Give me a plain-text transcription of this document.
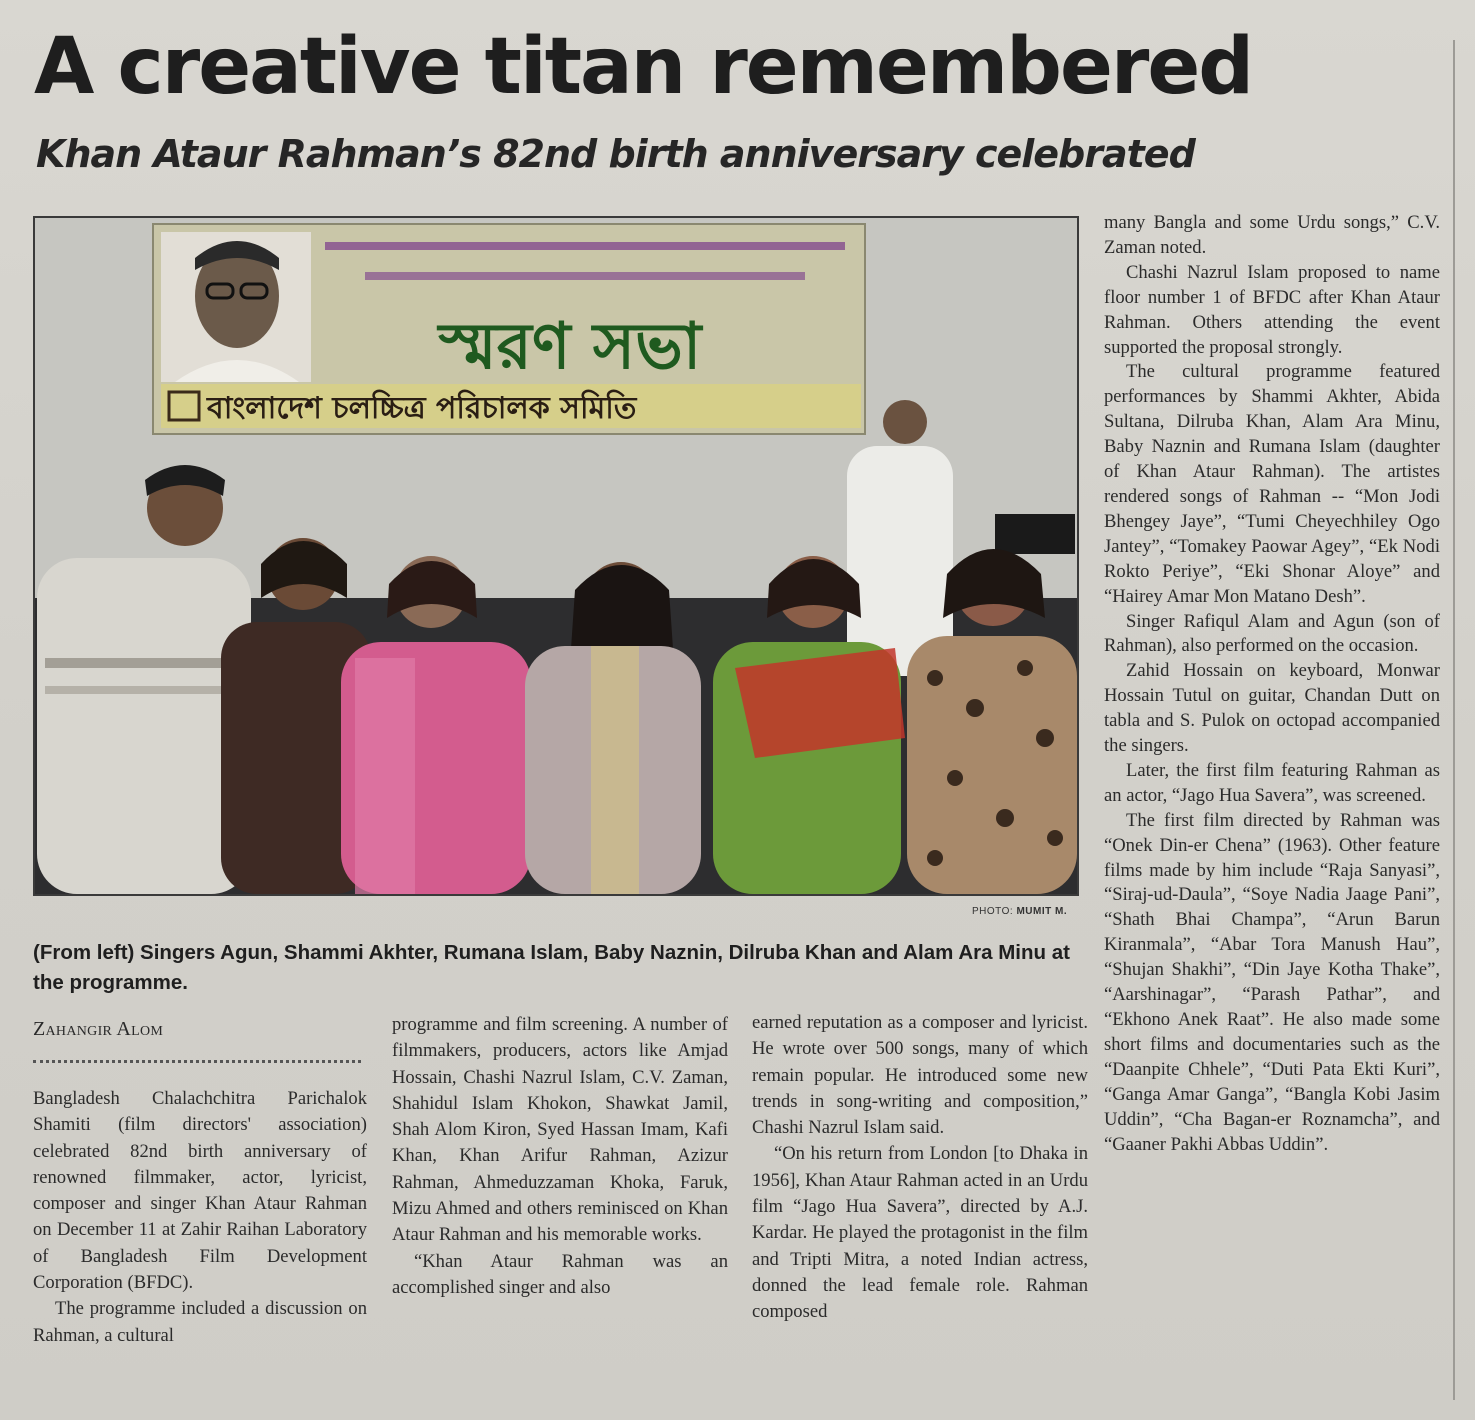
A creative titan remembered
Khan Ataur Rahman’s 82nd birth anniversary celebrated
স্মরণ সভা
বাংলাদেশ চলচ্চিত্র পরিচালক সমিতি

PHOTO: MUMIT M.

(From left) Singers Agun, Shammi Akhter, Rumana Islam, Baby Naznin, Dilruba Khan and Alam Ara Minu at the programme.

Zahangir Alom

Bangladesh Chalachchitra Parichalok Shamiti (film directors' association) celebrated 82nd birth anniversary of renowned filmmaker, actor, lyricist, composer and singer Khan Ataur Rahman on December 11 at Zahir Raihan Laboratory of Bangladesh Film Development Corporation (BFDC).

The programme included a discussion on Rahman, a cultural

programme and film screening. A number of filmmakers, producers, actors like Amjad Hossain, Chashi Nazrul Islam, C.V. Zaman, Shahidul Islam Khokon, Shawkat Jamil, Shah Alom Kiron, Syed Hassan Imam, Kafi Khan, Khan Arifur Rahman, Azizur Rahman, Ahmeduzzaman Khoka, Faruk, Mizu Ahmed and others reminisced on Khan Ataur Rahman and his memorable works.

“Khan Ataur Rahman was an accomplished singer and also

earned reputation as a composer and lyricist. He wrote over 500 songs, many of which remain popular. He introduced some new trends in song-writing and composition,” Chashi Nazrul Islam said.

“On his return from London [to Dhaka in 1956], Khan Ataur Rahman acted in an Urdu film “Jago Hua Savera”, directed by A.J. Kardar. He played the protagonist in the film and Tripti Mitra, a noted Indian actress, donned the lead female role. Rahman composed

many Bangla and some Urdu songs,” C.V. Zaman noted.

Chashi Nazrul Islam proposed to name floor number 1 of BFDC after Khan Ataur Rahman. Others attending the event supported the proposal strongly.

The cultural programme featured performances by Shammi Akhter, Abida Sultana, Dilruba Khan, Alam Ara Minu, Baby Naznin and Rumana Islam (daughter of Khan Ataur Rahman). The artistes rendered songs of Rahman -- “Mon Jodi Bhengey Jaye”, “Tumi Cheyechhiley Ogo Jantey”, “Tomakey Paowar Agey”, “Ek Nodi Rokto Periye”, “Eki Shonar Aloye” and “Hairey Amar Mon Matano Desh”.

Singer Rafiqul Alam and Agun (son of Rahman), also performed on the occasion.

Zahid Hossain on keyboard, Monwar Hossain Tutul on guitar, Chandan Dutt on tabla and S. Pulok on octopad accompanied the singers.

Later, the first film featuring Rahman as an actor, “Jago Hua Savera”, was screened.

The first film directed by Rahman was “Onek Din-er Chena” (1963). Other feature films made by him include “Raja Sanyasi”, “Siraj-ud-Daula”, “Soye Nadia Jaage Pani”, “Shath Bhai Champa”, “Arun Barun Kiranmala”, “Abar Tora Manush Hau”, “Shujan Shakhi”, “Din Jaye Kotha Thake”, “Aarshinagar”, “Parash Pathar”, and “Ekhono Anek Raat”. He also made some short films and documentaries such as the “Daanpite Chhele”, “Duti Pata Ekti Kuri”, “Ganga Amar Ganga”, “Bangla Kobi Jasim Uddin”, “Cha Bagan-er Roznamcha”, and “Gaaner Pakhi Abbas Uddin”.
